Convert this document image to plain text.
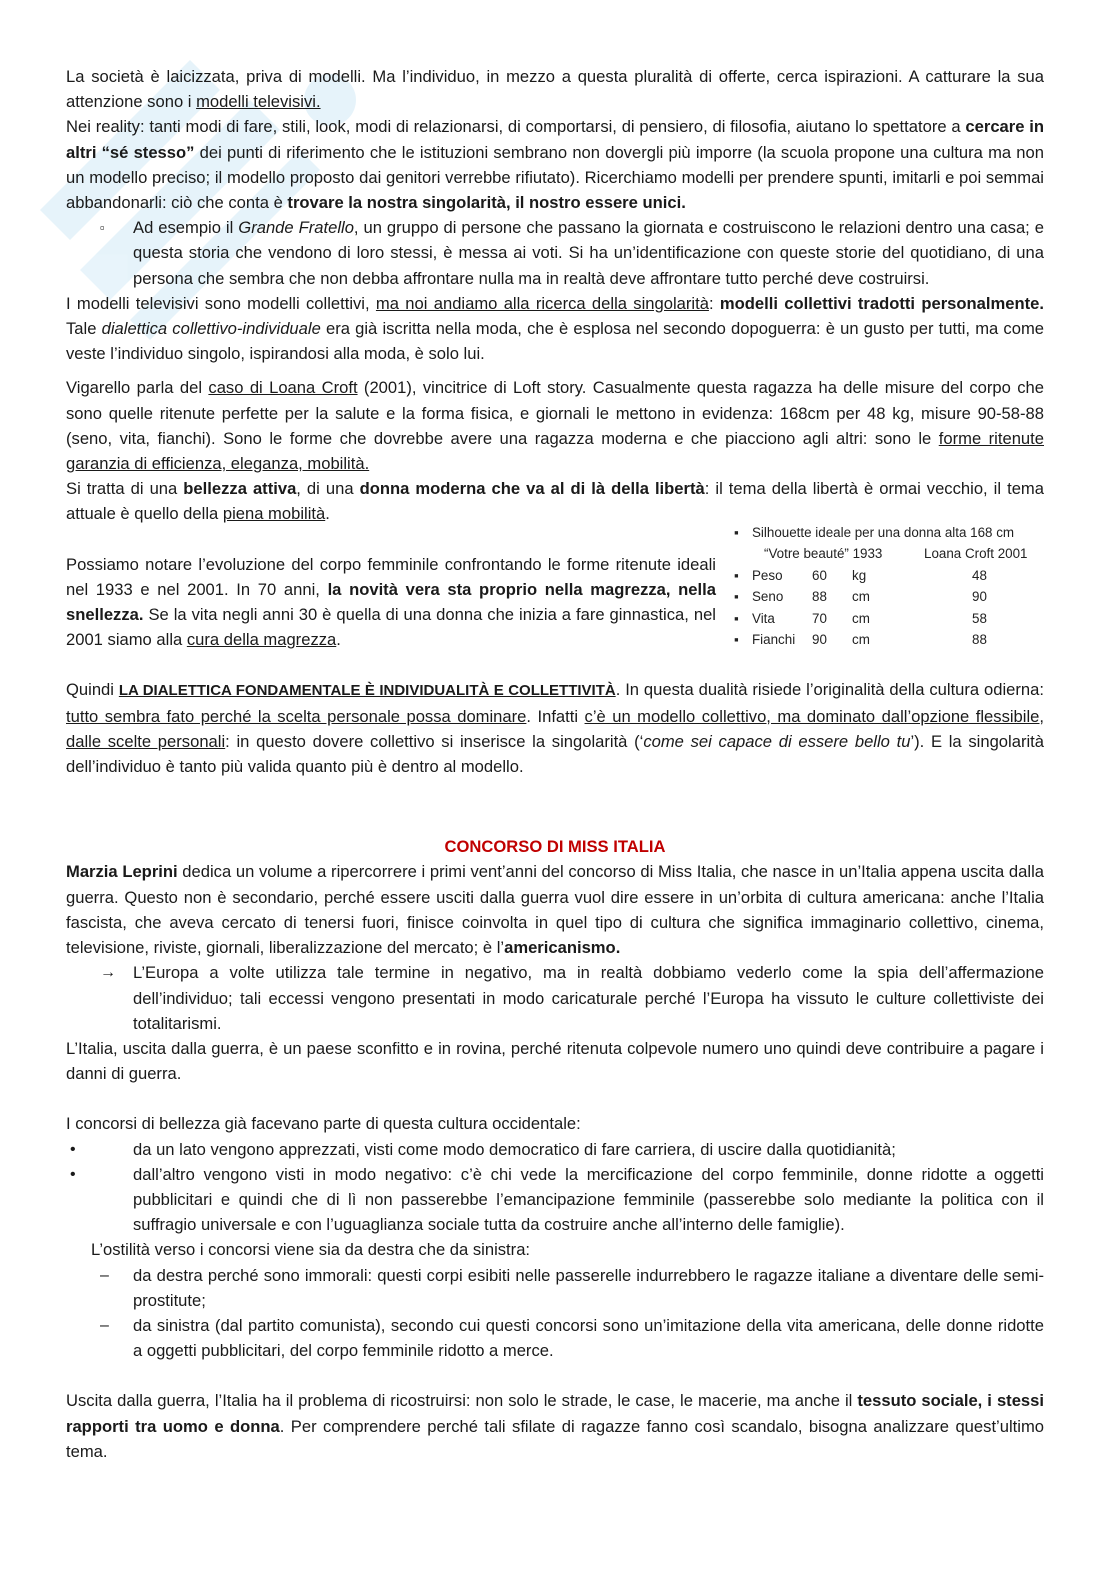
La società è laicizzata, priva di modelli. Ma l’individuo, in mezzo a questa pluralità di offerte, cerca ispirazioni. A catturare la sua attenzione sono i modelli televisivi.

Nei reality: tanti modi di fare, stili, look, modi di relazionarsi, di comportarsi, di pensiero, di filosofia, aiutano lo spettatore a cercare in altri “sé stesso” dei punti di riferimento che le istituzioni sembrano non dovergli più imporre (la scuola propone una cultura ma non un modello preciso; il modello proposto dai genitori verrebbe rifiutato). Ricerchiamo modelli per prendere spunti, imitarli e poi semmai abbandonarli: ciò che conta è trovare la nostra singolarità, il nostro essere unici.

▫ Ad esempio il Grande Fratello, un gruppo di persone che passano la giornata e costruiscono le relazioni dentro una casa; e questa storia che vendono di loro stessi, è messa ai voti. Si ha un’identificazione con queste storie del quotidiano, di una persona che sembra che non debba affrontare nulla ma in realtà deve affrontare tutto perché deve costruirsi.

I modelli televisivi sono modelli collettivi, ma noi andiamo alla ricerca della singolarità: modelli collettivi tradotti personalmente. Tale dialettica collettivo-individuale era già iscritta nella moda, che è esplosa nel secondo dopoguerra: è un gusto per tutti, ma come veste l’individuo singolo, ispirandosi alla moda, è solo lui.

Vigarello parla del caso di Loana Croft (2001), vincitrice di Loft story. Casualmente questa ragazza ha delle misure del corpo che sono quelle ritenute perfette per la salute e la forma fisica, e giornali le mettono in evidenza: 168cm per 48 kg, misure 90-58-88 (seno, vita, fianchi). Sono le forme che dovrebbe avere una ragazza moderna e che piacciono agli altri: sono le forme ritenute garanzia di efficienza, eleganza, mobilità.

Si tratta di una bellezza attiva, di una donna moderna che va al di là della libertà: il tema della libertà è ormai vecchio, il tema attuale è quello della piena mobilità.

Possiamo notare l’evoluzione del corpo femminile confrontando le forme ritenute ideali nel 1933 e nel 2001. In 70 anni, la novità vera sta proprio nella magrezza, nella snellezza. Se la vita negli anni 30 è quella di una donna che inizia a fare ginnastica, nel 2001 siamo alla cura della magrezza.

▪ Silhouette ideale per una donna alta 168 cm
“Votre beauté” 1933	Loana Croft 2001
▪ Peso	60	kg	48
▪ Seno	88	cm	90
▪ Vita	70	cm	58
▪ Fianchi	90	cm	88

Quindi LA DIALETTICA FONDAMENTALE È INDIVIDUALITÀ E COLLETTIVITÀ. In questa dualità risiede l’originalità della cultura odierna: tutto sembra fato perché la scelta personale possa dominare. Infatti c’è un modello collettivo, ma dominato dall’opzione flessibile, dalle scelte personali: in questo dovere collettivo si inserisce la singolarità (‘come sei capace di essere bello tu’). E la singolarità dell’individuo è tanto più valida quanto più è dentro al modello.

CONCORSO DI MISS ITALIA

Marzia Leprini dedica un volume a ripercorrere i primi vent’anni del concorso di Miss Italia, che nasce in un’Italia appena uscita dalla guerra. Questo non è secondario, perché essere usciti dalla guerra vuol dire essere in un’orbita di cultura americana: anche l’Italia fascista, che aveva cercato di tenersi fuori, finisce coinvolta in quel tipo di cultura che significa immaginario collettivo, cinema, televisione, riviste, giornali, liberalizzazione del mercato; è l’americanismo.

→ L’Europa a volte utilizza tale termine in negativo, ma in realtà dobbiamo vederlo come la spia dell’affermazione dell’individuo; tali eccessi vengono presentati in modo caricaturale perché l’Europa ha vissuto le culture collettiviste dei totalitarismi.

L’Italia, uscita dalla guerra, è un paese sconfitto e in rovina, perché ritenuta colpevole numero uno quindi deve contribuire a pagare i danni di guerra.

I concorsi di bellezza già facevano parte di questa cultura occidentale:

•	da un lato vengono apprezzati, visti come modo democratico di fare carriera, di uscire dalla quotidianità;

•	dall’altro vengono visti in modo negativo: c’è chi vede la mercificazione del corpo femminile, donne ridotte a oggetti pubblicitari e quindi che di lì non passerebbe l’emancipazione femminile (passerebbe solo mediante la politica con il suffragio universale e con l’uguaglianza sociale tutta da costruire anche all’interno delle famiglie).

L’ostilità verso i concorsi viene sia da destra che da sinistra:

– da destra perché sono immorali: questi corpi esibiti nelle passerelle indurrebbero le ragazze italiane a diventare delle semi-prostitute;

– da sinistra (dal partito comunista), secondo cui questi concorsi sono un’imitazione della vita americana, delle donne ridotte a oggetti pubblicitari, del corpo femminile ridotto a merce.

Uscita dalla guerra, l’Italia ha il problema di ricostruirsi: non solo le strade, le case, le macerie, ma anche il tessuto sociale, i stessi rapporti tra uomo e donna. Per comprendere perché tali sfilate di ragazze fanno così scandalo, bisogna analizzare quest’ultimo tema.
